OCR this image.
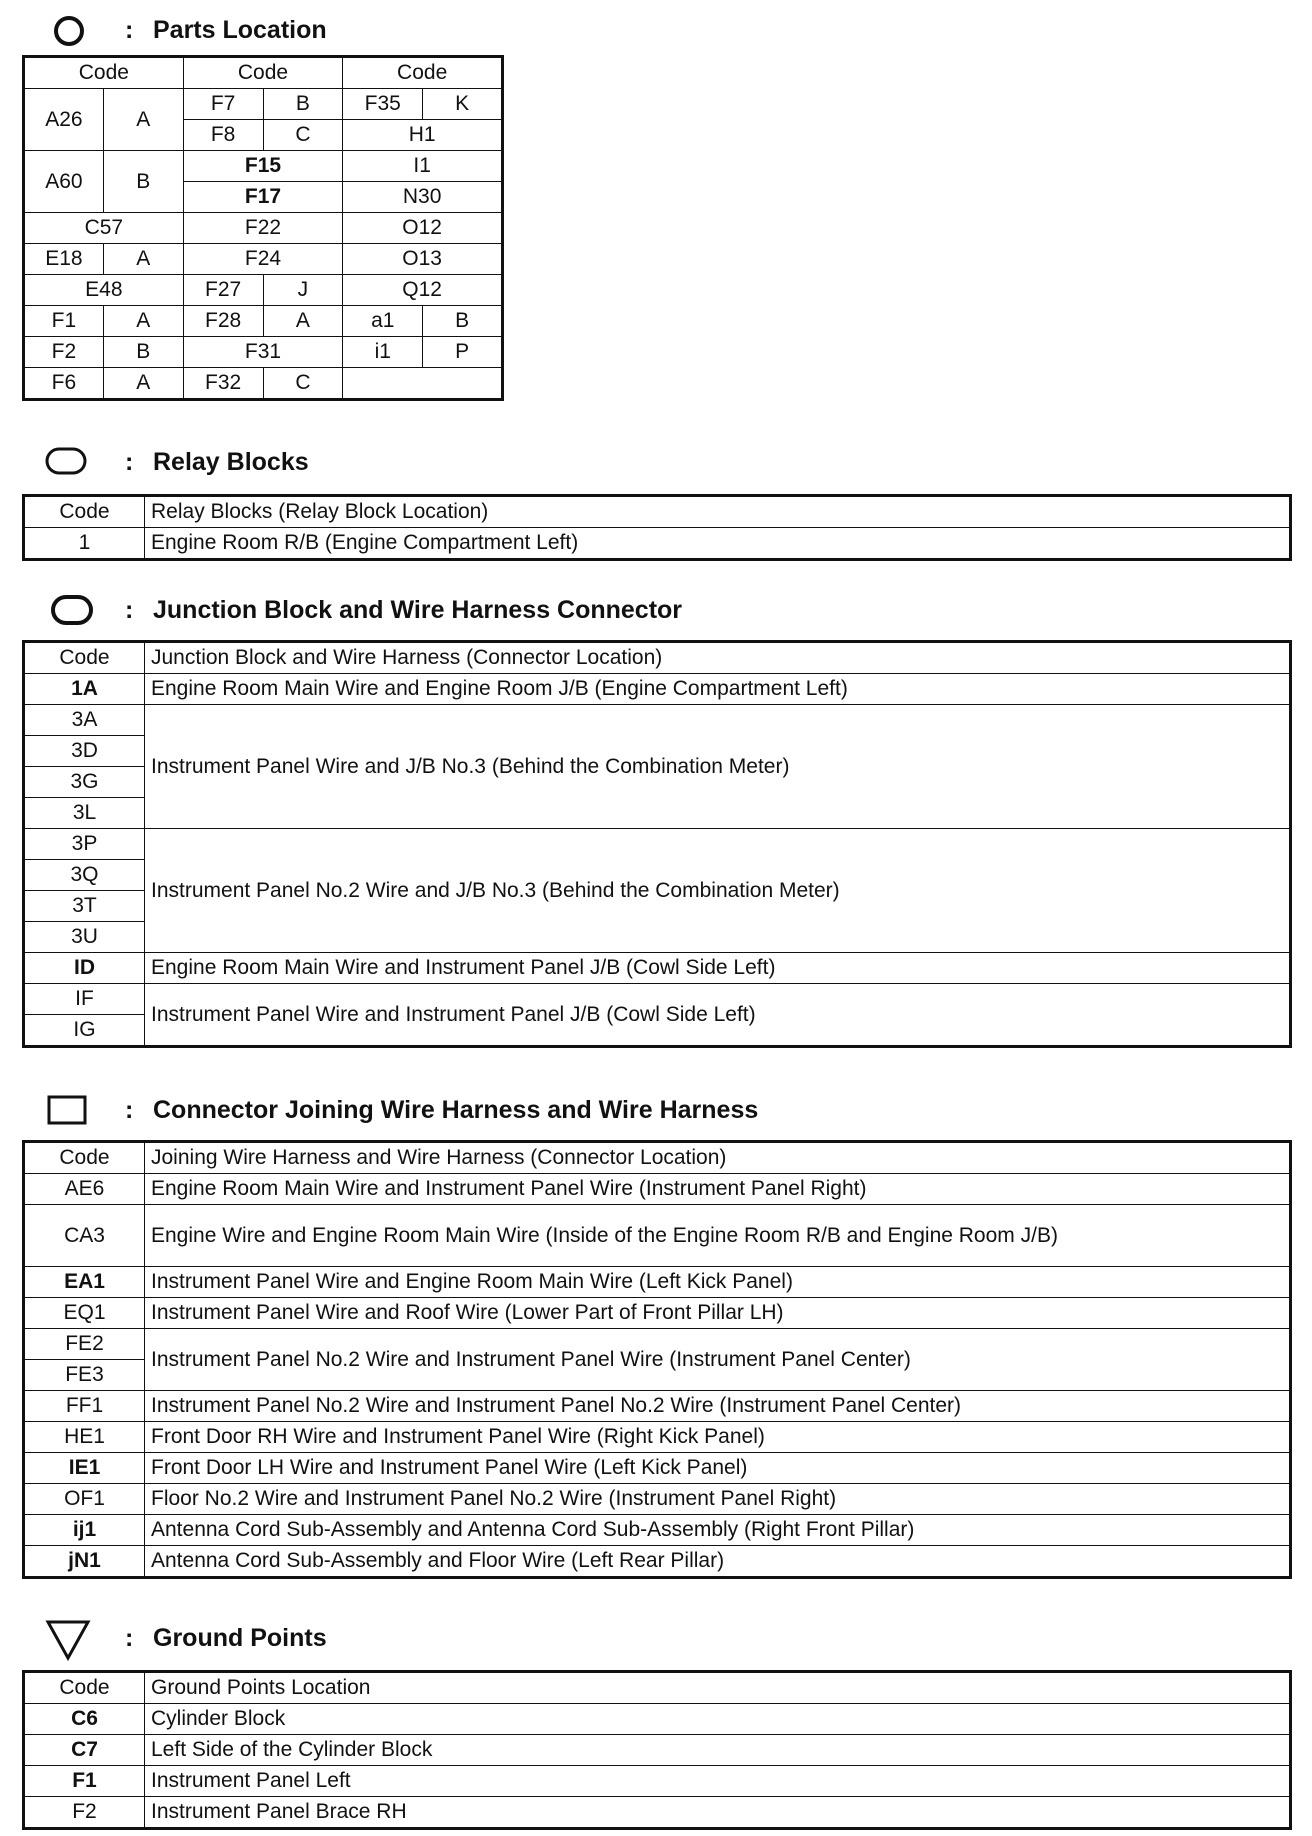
: Parts Location
Code		Code		Code	
A26	A	F7	B	F35	K
		F8	C	H1	
A60	B	F15		I1	
		F17		N30	
C57		F22		O12	
E18	A	F24		O13	
E48		F27	J	Q12	
F1	A	F28	A	a1	B
F2	B	F31		i1	P
F6	A	F32	C		
: Relay Blocks
Code	Relay Blocks (Relay Block Location)
1	Engine Room R/B (Engine Compartment Left)
: Junction Block and Wire Harness Connector
Code	Junction Block and Wire Harness (Connector Location)
1A	Engine Room Main Wire and Engine Room J/B (Engine Compartment Left)
3A	Instrument Panel Wire and J/B No.3 (Behind the Combination Meter)
3D	
3G	
3L	
3P	Instrument Panel No.2 Wire and J/B No.3 (Behind the Combination Meter)
3Q	
3T	
3U	
ID	Engine Room Main Wire and Instrument Panel J/B (Cowl Side Left)
IF	Instrument Panel Wire and Instrument Panel J/B (Cowl Side Left)
IG	
: Connector Joining Wire Harness and Wire Harness
Code	Joining Wire Harness and Wire Harness (Connector Location)
AE6	Engine Room Main Wire and Instrument Panel Wire (Instrument Panel Right)
CA3	Engine Wire and Engine Room Main Wire (Inside of the Engine Room R/B and Engine Room J/B)
EA1	Instrument Panel Wire and Engine Room Main Wire (Left Kick Panel)
EQ1	Instrument Panel Wire and Roof Wire (Lower Part of Front Pillar LH)
FE2	Instrument Panel No.2 Wire and Instrument Panel Wire (Instrument Panel Center)
FE3	
FF1	Instrument Panel No.2 Wire and Instrument Panel No.2 Wire (Instrument Panel Center)
HE1	Front Door RH Wire and Instrument Panel Wire (Right Kick Panel)
IE1	Front Door LH Wire and Instrument Panel Wire (Left Kick Panel)
OF1	Floor No.2 Wire and Instrument Panel No.2 Wire (Instrument Panel Right)
ij1	Antenna Cord Sub-Assembly and Antenna Cord Sub-Assembly (Right Front Pillar)
jN1	Antenna Cord Sub-Assembly and Floor Wire (Left Rear Pillar)
: Ground Points
Code	Ground Points Location
C6	Cylinder Block
C7	Left Side of the Cylinder Block
F1	Instrument Panel Left
F2	Instrument Panel Brace RH
